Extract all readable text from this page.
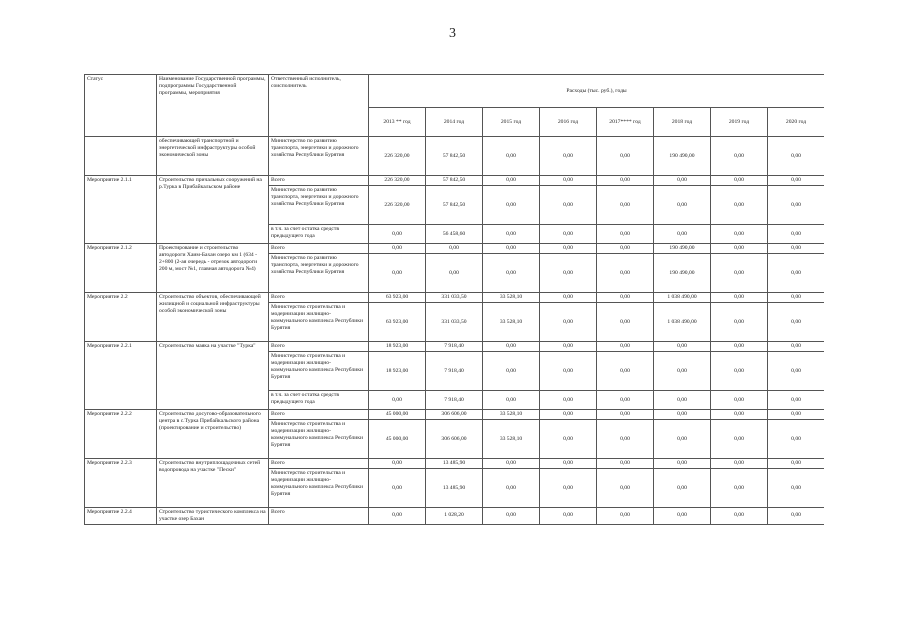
3
Статус	Наименование Государственной программы, подпрограммы Государственной программы, мероприятия	Ответственный исполнитель, соисполнитель	Расходы (тыс. руб.), годы							
			2013 ** год	2014 год	2015 год	2016 год	2017**** год	2018 год	2019 год	2020 год
	обеспечивающей транспортной и энергетической инфраструктуры особой экономической зоны	Министерство по развитию транспорта, энергетики и дорожного хозяйства Республики Бурятия	226 320,00	57 842,50	0,00	0,00	0,00	190 490,00	0,00	0,00
Мероприятие 2.1.1	Строительство причальных сооружений на р.Турка в Прибайкальском районе	Всего	226 320,00	57 842,50	0,00	0,00	0,00	0,00	0,00	0,00
		Министерство по развитию транспорта, энергетики и дорожного хозяйства Республики Бурятия	226 320,00	57 842,50	0,00	0,00	0,00	0,00	0,00	0,00
		в т.ч. за счет остатка средств предыдущего года	0,00	56 458,60	0,00	0,00	0,00	0,00	0,00	0,00
Мероприятие 2.1.2	Проектирование и строительство автодороги Хаим-Бахан озеро км 1 (634 - 2+800 (2-ая очередь - отрезок автодороги 200 м, мост №1, главная автодорога №4)	Всего	0,00	0,00	0,00	0,00	0,00	190 490,00	0,00	0,00
		Министерство по развитию транспорта, энергетики и дорожного хозяйства Республики Бурятия	0,00	0,00	0,00	0,00	0,00	190 490,00	0,00	0,00
Мероприятие 2.2	Строительство объектов, обеспечивающей жилищной и социальной инфраструктуры особой экономической зоны	Всего	63 923,00	331 033,50	33 528,10	0,00	0,00	1 038 490,00	0,00	0,00
		Министерство строительства и модернизации жилищно-коммунального комплекса Республики Бурятия	63 923,00	331 033,50	33 528,10	0,00	0,00	1 038 490,00	0,00	0,00
Мероприятие 2.2.1	Строительство маяка на участке "Турка"	Всего	18 923,00	7 918,40	0,00	0,00	0,00	0,00	0,00	0,00
		Министерство строительства и модернизации жилищно-коммунального комплекса Республики Бурятия	18 923,00	7 918,40	0,00	0,00	0,00	0,00	0,00	0,00
		в т.ч. за счет остатка средств предыдущего года	0,00	7 918,40	0,00	0,00	0,00	0,00	0,00	0,00
Мероприятие 2.2.2	Строительство досугово-образовательного центра в с.Турка Прибайкальского района (проектирование и строительство)	Всего	45 000,00	306 606,00	33 528,10	0,00	0,00	0,00	0,00	0,00
		Министерство строительства и модернизации жилищно-коммунального комплекса Республики Бурятия	45 000,00	306 606,00	33 528,10	0,00	0,00	0,00	0,00	0,00
Мероприятие 2.2.3	Строительство внутриплощадочных сетей водопровода на участке "Пески"	Всего	0,00	13 485,90	0,00	0,00	0,00	0,00	0,00	0,00
		Министерство строительства и модернизации жилищно-коммунального комплекса Республики Бурятия	0,00	13 485,90	0,00	0,00	0,00	0,00	0,00	0,00
Мероприятие 2.2.4	Строительство туристического комплекса на участке озер Бахан	Всего	0,00	1 028,20	0,00	0,00	0,00	0,00	0,00	0,00
